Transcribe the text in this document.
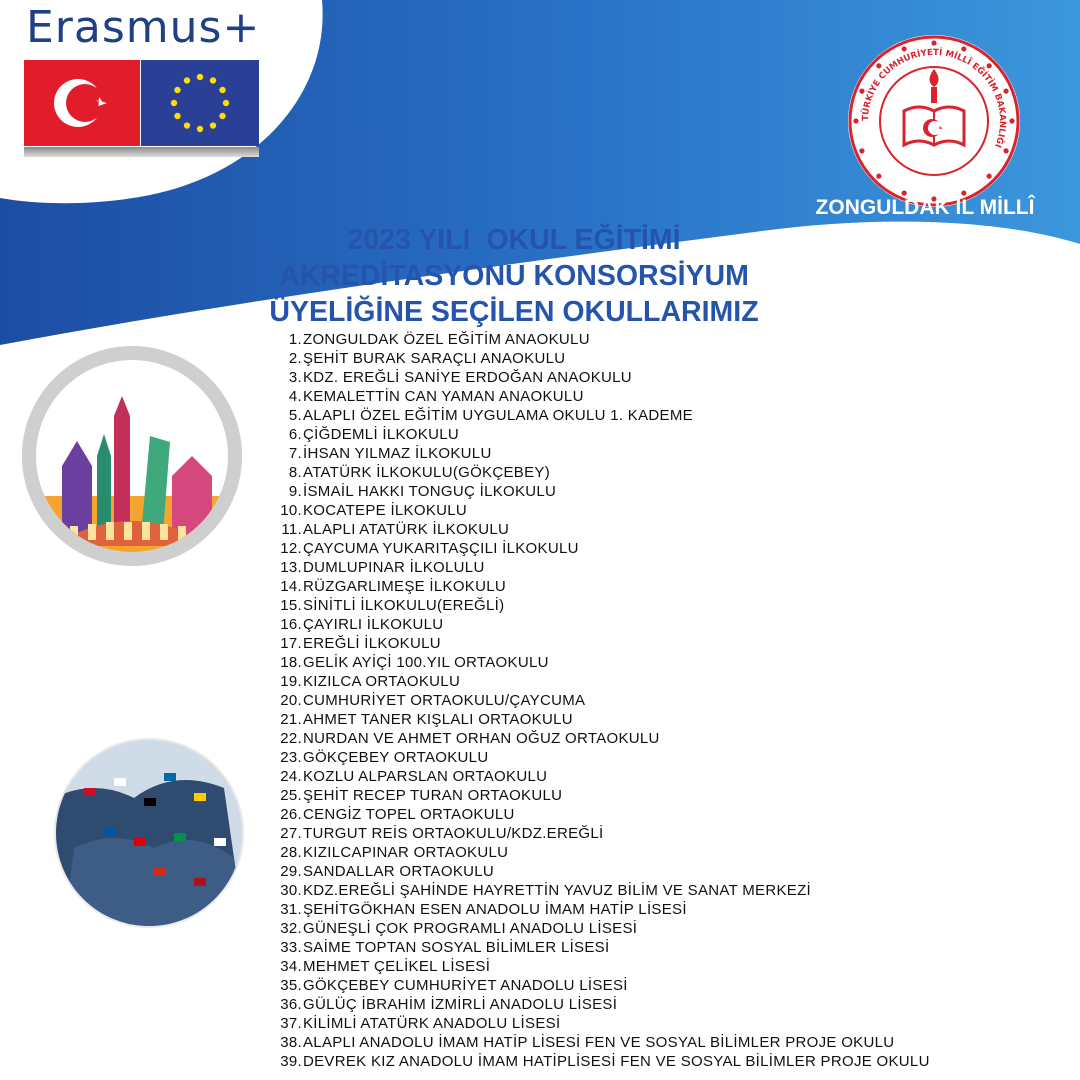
Erasmus+

TÜRKİYE CUMHURİYETİ MİLLÎ EĞİTİM BAKANLIĞI
ZONGULDAK İL MİLLÎ
EĞİTİM MÜDÜRLÜĞÜ
2023 YILI  OKUL EĞİTİMİ
AKREDİTASYONU KONSORSİYUM
ÜYELİĞİNE SEÇİLEN OKULLARIMIZ
1.ZONGULDAK ÖZEL EĞİTİM ANAOKULU
2.ŞEHİT BURAK SARAÇLI ANAOKULU
3.KDZ. EREĞLİ SANİYE ERDOĞAN ANAOKULU
4.KEMALETTİN CAN YAMAN ANAOKULU
5.ALAPLI ÖZEL EĞİTİM UYGULAMA OKULU 1. KADEME
6.ÇİĞDEMLİ İLKOKULU
7.İHSAN YILMAZ İLKOKULU
8.ATATÜRK İLKOKULU(GÖKÇEBEY)
9.İSMAİL HAKKI TONGUÇ İLKOKULU
10.KOCATEPE İLKOKULU
11.ALAPLI ATATÜRK İLKOKULU
12.ÇAYCUMA YUKARITAŞÇILI İLKOKULU
13.DUMLUPINAR İLKOLULU
14.RÜZGARLIMEŞE İLKOKULU
15.SİNİTLİ İLKOKULU(EREĞLİ)
16.ÇAYIRLI İLKOKULU
17.EREĞLİ İLKOKULU
18.GELİK AYİÇİ 100.YIL ORTAOKULU
19.KIZILCA ORTAOKULU
20.CUMHURİYET ORTAOKULU/ÇAYCUMA
21.AHMET TANER KIŞLALI ORTAOKULU
22.NURDAN VE AHMET ORHAN OĞUZ ORTAOKULU
23.GÖKÇEBEY ORTAOKULU
24.KOZLU ALPARSLAN ORTAOKULU
25.ŞEHİT RECEP TURAN ORTAOKULU
26.CENGİZ TOPEL ORTAOKULU
27.TURGUT REİS ORTAOKULU/KDZ.EREĞLİ
28.KIZILCAPINAR ORTAOKULU
29.SANDALLAR ORTAOKULU
30.KDZ.EREĞLİ ŞAHİNDE HAYRETTİN YAVUZ BİLİM VE SANAT MERKEZİ
31.ŞEHİTGÖKHAN ESEN ANADOLU İMAM HATİP LİSESİ
32.GÜNEŞLİ ÇOK PROGRAMLI ANADOLU LİSESİ
33.SAİME TOPTAN SOSYAL BİLİMLER LİSESİ
34.MEHMET ÇELİKEL LİSESİ
35.GÖKÇEBEY CUMHURİYET ANADOLU LİSESİ
36.GÜLÜÇ İBRAHİM İZMİRLİ ANADOLU LİSESİ
37.KİLİMLİ ATATÜRK ANADOLU LİSESİ
38.ALAPLI ANADOLU İMAM HATİP LİSESİ FEN VE SOSYAL BİLİMLER PROJE OKULU
39.DEVREK KIZ ANADOLU İMAM HATİPLİSESİ FEN VE SOSYAL BİLİMLER PROJE OKULU
